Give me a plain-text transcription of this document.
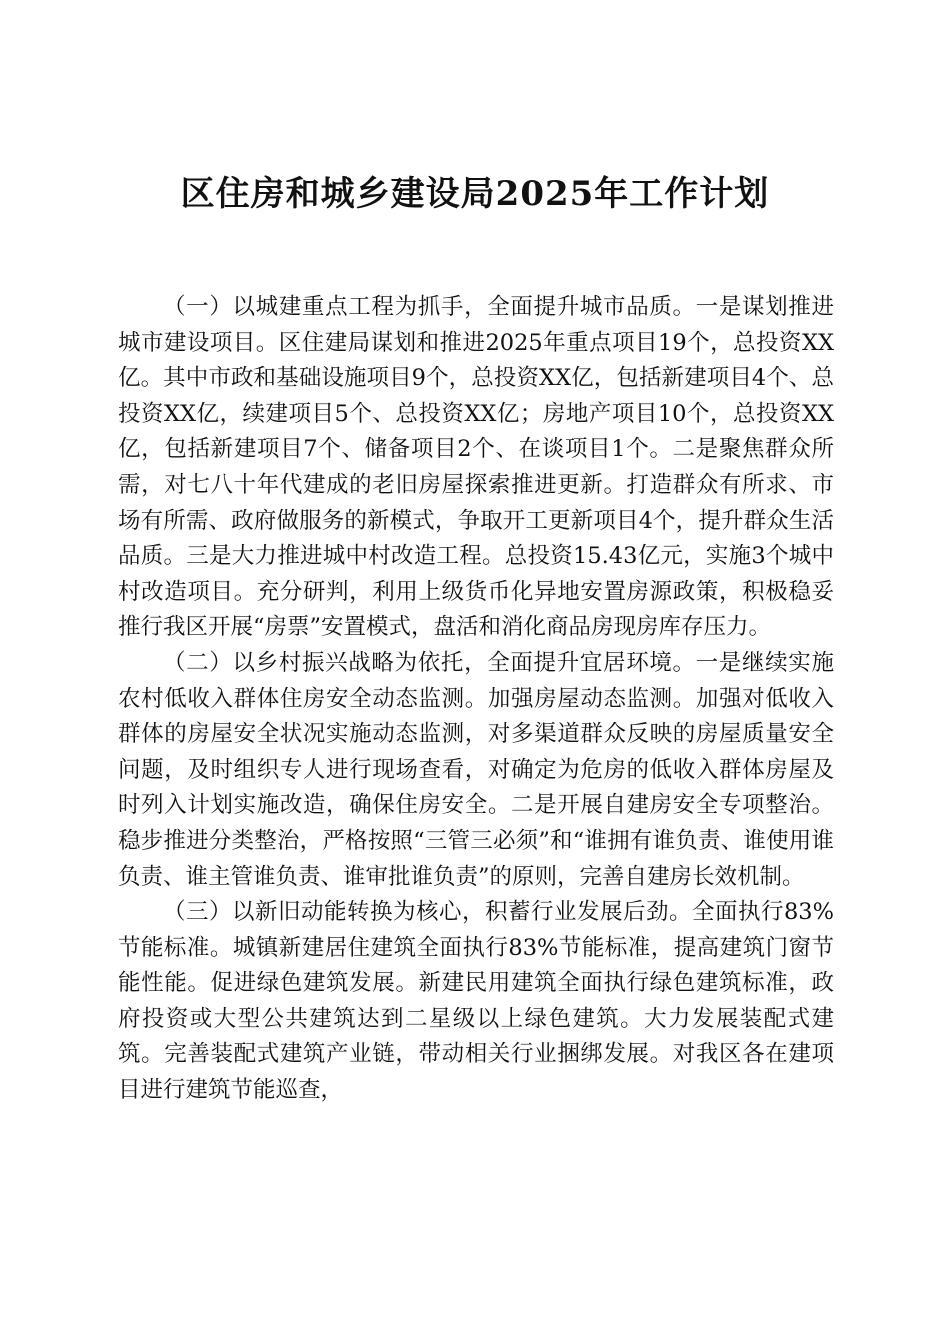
区住房和城乡建设局2025年工作计划

（一）以城建重点工程为抓手，全面提升城市品质。一是谋划推进城市建设项目。区住建局谋划和推进2025年重点项目19个，总投资XX亿。其中市政和基础设施项目9个，总投资XX亿，包括新建项目4个、总投资XX亿，续建项目5个、总投资XX亿；房地产项目10个，总投资XX亿，包括新建项目7个、储备项目2个、在谈项目1个。二是聚焦群众所需，对七八十年代建成的老旧房屋探索推进更新。打造群众有所求、市场有所需、政府做服务的新模式，争取开工更新项目4个，提升群众生活品质。三是大力推进城中村改造工程。总投资15.43亿元，实施3个城中村改造项目。充分研判，利用上级货币化异地安置房源政策，积极稳妥推行我区开展“房票”安置模式，盘活和消化商品房现房库存压力。

（二）以乡村振兴战略为依托，全面提升宜居环境。一是继续实施农村低收入群体住房安全动态监测。加强房屋动态监测。加强对低收入群体的房屋安全状况实施动态监测，对多渠道群众反映的房屋质量安全问题，及时组织专人进行现场查看，对确定为危房的低收入群体房屋及时列入计划实施改造，确保住房安全。二是开展自建房安全专项整治。稳步推进分类整治，严格按照“三管三必须”和“谁拥有谁负责、谁使用谁负责、谁主管谁负责、谁审批谁负责”的原则，完善自建房长效机制。

（三）以新旧动能转换为核心，积蓄行业发展后劲。全面执行83%节能标准。城镇新建居住建筑全面执行83%节能标准，提高建筑门窗节能性能。促进绿色建筑发展。新建民用建筑全面执行绿色建筑标准，政府投资或大型公共建筑达到二星级以上绿色建筑。大力发展装配式建筑。完善装配式建筑产业链，带动相关行业捆绑发展。对我区各在建项目进行建筑节能巡查，
